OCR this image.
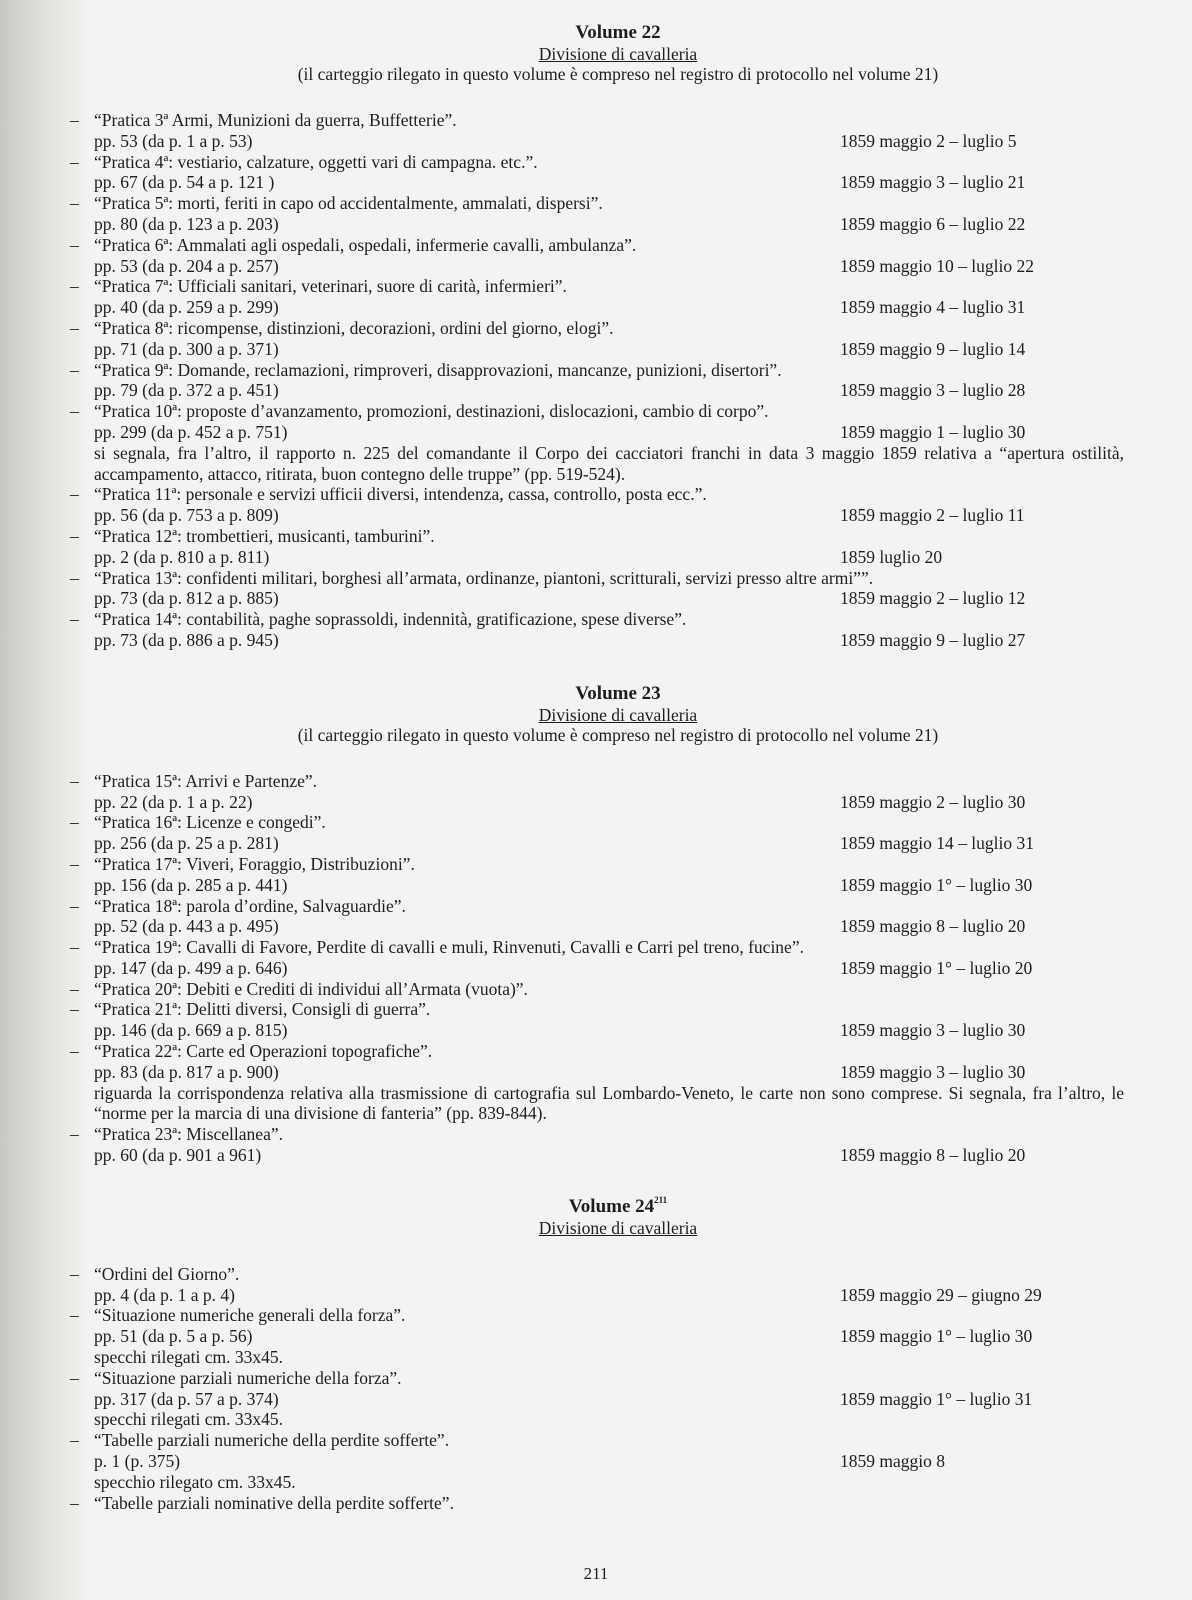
Volume 22
Divisione di cavalleria
(il carteggio rilegato in questo volume è compreso nel registro di protocollo nel volume 21)
– “Pratica 3ª Armi, Munizioni da guerra, Buffetterie”.
pp. 53 (da p. 1 a p. 53)	1859 maggio 2 – luglio 5
– “Pratica 4ª: vestiario, calzature, oggetti vari di campagna. etc.”.
pp. 67 (da p. 54 a p. 121 )	1859 maggio 3 – luglio 21
– “Pratica 5ª: morti, feriti in capo od accidentalmente, ammalati, dispersi”.
pp. 80 (da p. 123 a p. 203)	1859 maggio 6 – luglio 22
– “Pratica 6ª: Ammalati agli ospedali, ospedali, infermerie cavalli, ambulanza”.
pp. 53 (da p. 204 a p. 257)	1859 maggio 10 – luglio 22
– “Pratica 7ª: Ufficiali sanitari, veterinari, suore di carità, infermieri”.
pp. 40 (da p. 259 a p. 299)	1859 maggio 4 – luglio 31
– “Pratica 8ª: ricompense, distinzioni, decorazioni, ordini del giorno, elogi”.
pp. 71 (da p. 300 a p. 371)	1859 maggio 9 – luglio 14
– “Pratica 9ª: Domande, reclamazioni, rimproveri, disapprovazioni, mancanze, punizioni, disertori”.
pp. 79 (da p. 372 a p. 451)	1859 maggio 3 – luglio 28
– “Pratica 10ª: proposte d’avanzamento, promozioni, destinazioni, dislocazioni, cambio di corpo”.
pp. 299 (da p. 452 a p. 751)	1859 maggio 1 – luglio 30
si segnala, fra l’altro, il rapporto n. 225 del comandante il Corpo dei cacciatori franchi in data 3 maggio 1859 relativa a “apertura ostilità, accampamento, attacco, ritirata, buon contegno delle truppe” (pp. 519-524).
– “Pratica 11ª: personale e servizi ufficii diversi, intendenza, cassa, controllo, posta ecc.”.
pp. 56 (da p. 753 a p. 809)	1859 maggio 2 – luglio 11
– “Pratica 12ª: trombettieri, musicanti, tamburini”.
pp. 2 (da p. 810 a p. 811)	1859 luglio 20
– “Pratica 13ª: confidenti militari, borghesi all’armata, ordinanze, piantoni, scritturali, servizi presso altre armi””.
pp. 73 (da p. 812 a p. 885)	1859 maggio 2 – luglio 12
– “Pratica 14ª: contabilità, paghe soprassoldi, indennità, gratificazione, spese diverse”.
pp. 73 (da p. 886 a p. 945)	1859 maggio 9 – luglio 27
Volume 23
Divisione di cavalleria
(il carteggio rilegato in questo volume è compreso nel registro di protocollo nel volume 21)
– “Pratica 15ª: Arrivi e Partenze”.
pp. 22 (da p. 1 a p. 22)	1859 maggio 2 – luglio 30
– “Pratica 16ª: Licenze e congedi”.
pp. 256 (da p. 25 a p. 281)	1859 maggio 14 – luglio 31
– “Pratica 17ª: Viveri, Foraggio, Distribuzioni”.
pp. 156 (da p. 285 a p. 441)	1859 maggio 1° – luglio 30
– “Pratica 18ª: parola d’ordine, Salvaguardie”.
pp. 52 (da p. 443 a p. 495)	1859 maggio 8 – luglio 20
– “Pratica 19ª: Cavalli di Favore, Perdite di cavalli e muli, Rinvenuti, Cavalli e Carri pel treno, fucine”.
pp. 147 (da p. 499 a p. 646)	1859 maggio 1° – luglio 20
– “Pratica 20ª: Debiti e Crediti di individui all’Armata (vuota)”.
– “Pratica 21ª: Delitti diversi, Consigli di guerra”.
pp. 146 (da p. 669 a p. 815)	1859 maggio 3 – luglio 30
– “Pratica 22ª: Carte ed Operazioni topografiche”.
pp. 83 (da p. 817 a p. 900)	1859 maggio 3 – luglio 30
riguarda la corrispondenza relativa alla trasmissione di cartografia sul Lombardo-Veneto, le carte non sono comprese. Si segnala, fra l’altro, le “norme per la marcia di una divisione di fanteria” (pp. 839-844).
– “Pratica 23ª: Miscellanea”.
pp. 60 (da p. 901 a 961)	1859 maggio 8 – luglio 20
Volume $24^{211}$
Divisione di cavalleria
– “Ordini del Giorno”.
pp. 4 (da p. 1 a p. 4)	1859 maggio 29 – giugno 29
– “Situazione numeriche generali della forza”.
pp. 51 (da p. 5 a p. 56)	1859 maggio 1° – luglio 30
specchi rilegati cm. 33x45.
– “Situazione parziali numeriche della forza”.
pp. 317 (da p. 57 a p. 374)	1859 maggio 1° – luglio 31
specchi rilegati cm. 33x45.
– “Tabelle parziali numeriche della perdite sofferte”.
p. 1 (p. 375)	1859 maggio 8
specchio rilegato cm. 33x45.
– “Tabelle parziali nominative della perdite sofferte”.
211
